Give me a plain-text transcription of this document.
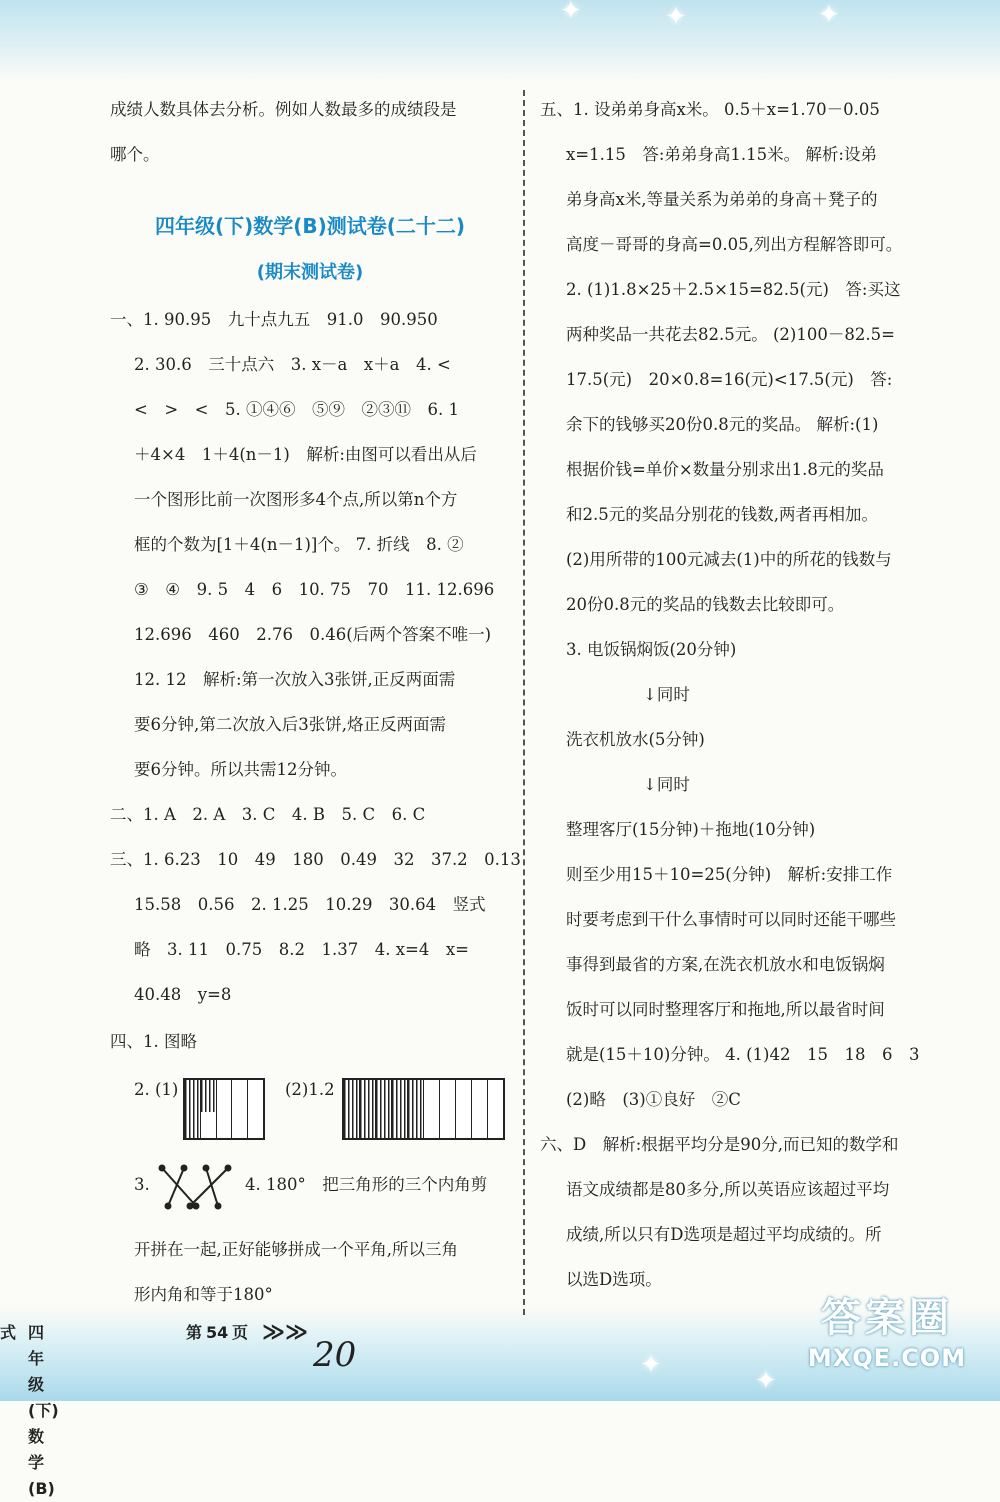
✦	✦	✦
✦
✦
成绩人数具体去分析。例如人数最多的成绩段是
哪个。
四年级(下)数学(B)测试卷(二十二)
(期末测试卷)
一、1. 90.95　九十点九五　91.0　90.950
2. 30.6　三十点六　3. x－a　x＋a　4. <
<　>　<　5. ①④⑥　⑤⑨　②③⑪　6. 1
＋4×4　1＋4(n－1)　解析:由图可以看出从后
一个图形比前一次图形多4个点,所以第n个方
框的个数为[1＋4(n－1)]个。 7. 折线　8. ②
③　④　9. 5　4　6　10. 75　70　11. 12.696
12.696　460　2.76　0.46(后两个答案不唯一)
12. 12　解析:第一次放入3张饼,正反两面需
要6分钟,第二次放入后3张饼,烙正反两面需
要6分钟。所以共需12分钟。
二、1. A　2. A　3. C　4. B　5. C　6. C
三、1. 6.23　10　49　180　0.49　32　37.2　0.13
15.58　0.56　2. 1.25　10.29　30.64　竖式
略　3. 11　0.75　8.2　1.37　4. x=4　x=
40.48　y=8
四、1. 图略
2. (1)	(2)1.2
3.	4. 180°　把三角形的三个内角剪
开拼在一起,正好能够拼成一个平角,所以三角
形内角和等于180°
五、1. 设弟弟身高x米。 0.5＋x=1.70－0.05
x=1.15　答:弟弟身高1.15米。 解析:设弟
弟身高x米,等量关系为弟弟的身高＋凳子的
高度－哥哥的身高=0.05,列出方程解答即可。
2. (1)1.8×25＋2.5×15=82.5(元)　答:买这
两种奖品一共花去82.5元。 (2)100－82.5=
17.5(元)　20×0.8=16(元)<17.5(元)　答:
余下的钱够买20份0.8元的奖品。 解析:(1)
根据价钱=单价×数量分别求出1.8元的奖品
和2.5元的奖品分别花的钱数,两者再相加。
(2)用所带的100元减去(1)中的所花的钱数与
20份0.8元的奖品的钱数去比较即可。
3. 电饭锅焖饭(20分钟)
↓同时
洗衣机放水(5分钟)
↓同时
整理客厅(15分钟)＋拖地(10分钟)
则至少用15＋10=25(分钟)　解析:安排工作
时要考虑到干什么事情时可以同时还能干哪些
事得到最省的方案,在洗衣机放水和电饭锅焖
饭时可以同时整理客厅和拖地,所以最省时间
就是(15＋10)分钟。 4. (1)42　15　18　6　3
(2)略　(3)①良好　②C
六、D　解析:根据平均分是90分,而已知的数学和
语文成绩都是80多分,所以英语应该超过平均
成绩,所以只有D选项是超过平均成绩的。所
以选D选项。
式 四年级(下)数学(B)
第 54 页 ≫≫
20
答案圈
MXQE.COM
